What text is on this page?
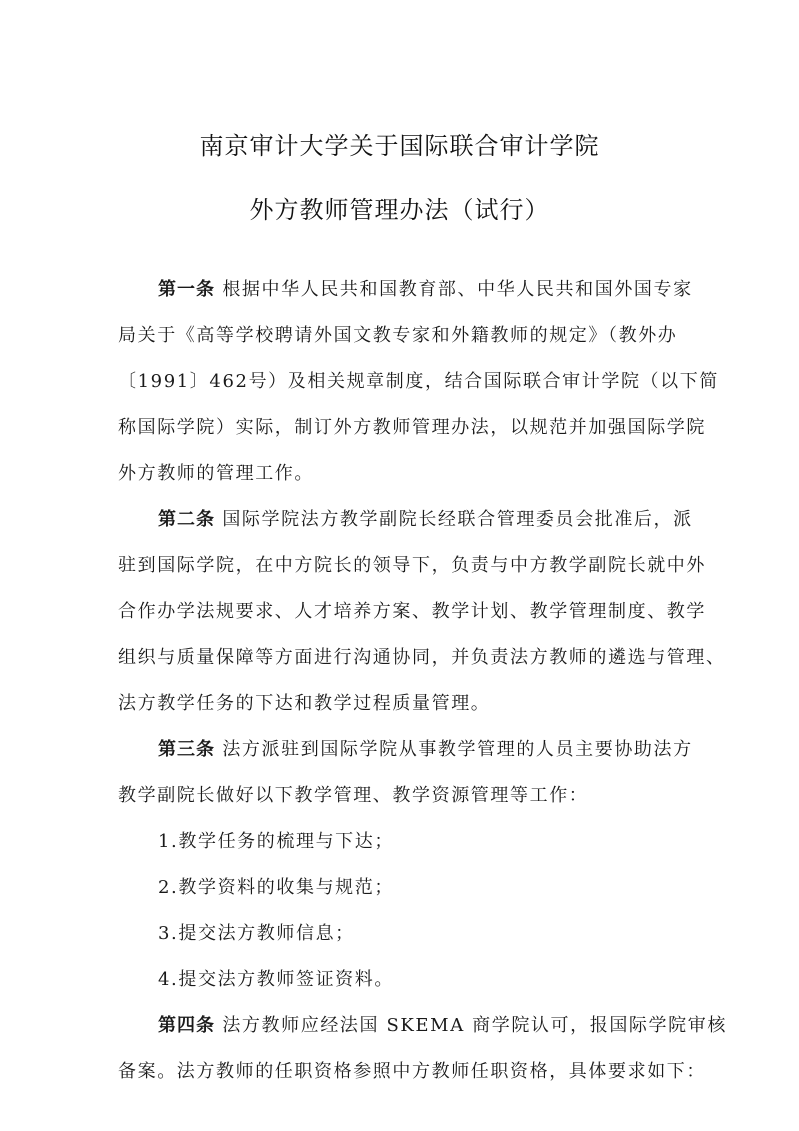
南京审计大学关于国际联合审计学院
外方教师管理办法（试行）
第一条 根据中华人民共和国教育部、中华人民共和国外国专家
局关于《高等学校聘请外国文教专家和外籍教师的规定》（教外办
〔1991〕462号）及相关规章制度，结合国际联合审计学院（以下简
称国际学院）实际，制订外方教师管理办法，以规范并加强国际学院
外方教师的管理工作。
第二条 国际学院法方教学副院长经联合管理委员会批准后，派
驻到国际学院，在中方院长的领导下，负责与中方教学副院长就中外
合作办学法规要求、人才培养方案、教学计划、教学管理制度、教学
组织与质量保障等方面进行沟通协同，并负责法方教师的遴选与管理、
法方教学任务的下达和教学过程质量管理。
第三条 法方派驻到国际学院从事教学管理的人员主要协助法方
教学副院长做好以下教学管理、教学资源管理等工作：
1.教学任务的梳理与下达；
2.教学资料的收集与规范；
3.提交法方教师信息；
4.提交法方教师签证资料。
第四条 法方教师应经法国 SKEMA 商学院认可，报国际学院审核
备案。法方教师的任职资格参照中方教师任职资格，具体要求如下：
